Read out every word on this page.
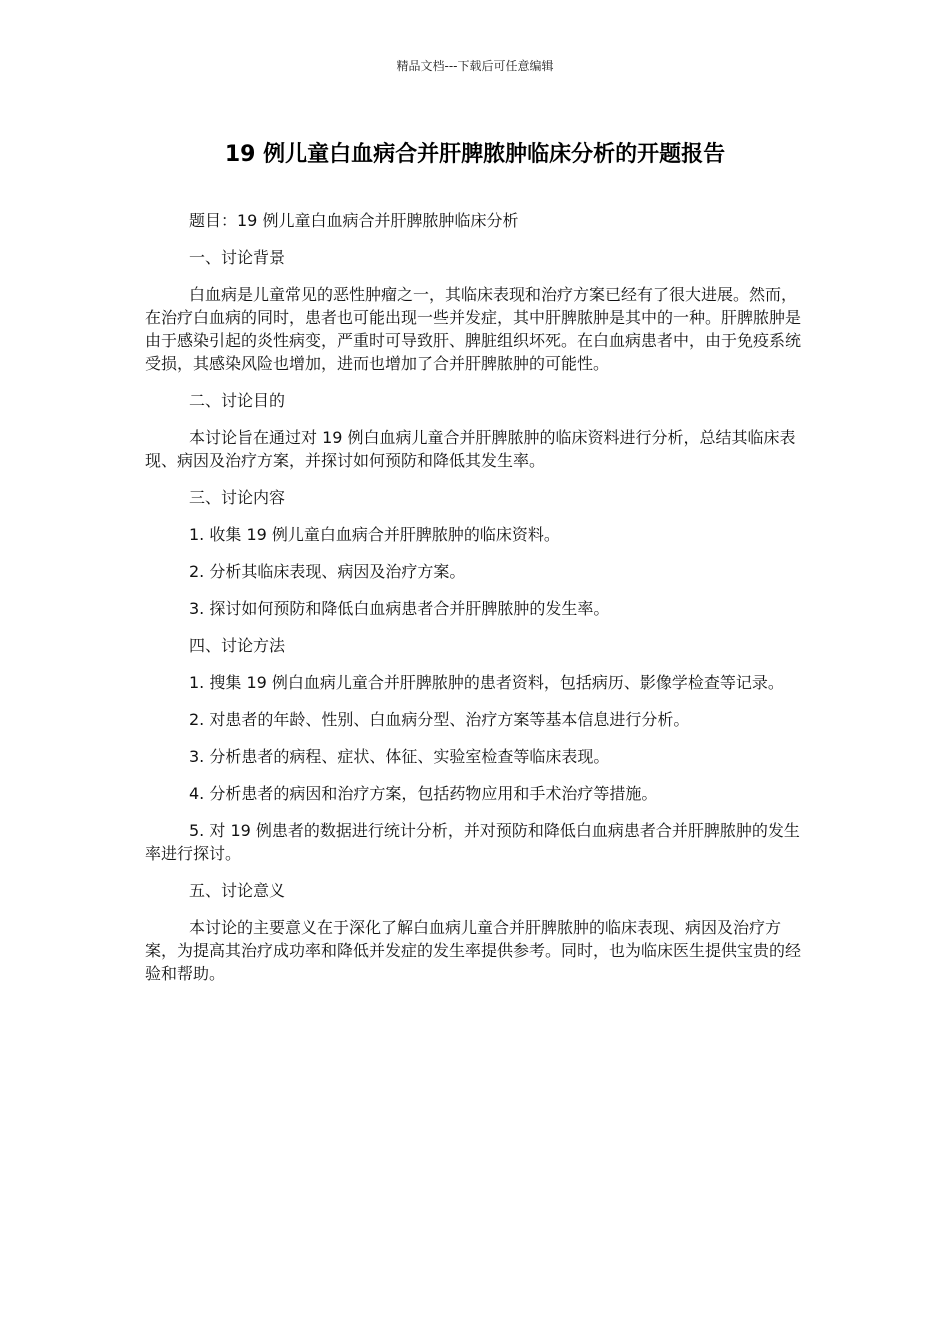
精品文档---下载后可任意编辑
19 例儿童白血病合并肝脾脓肿临床分析的开题报告

题目：19 例儿童白血病合并肝脾脓肿临床分析

一、讨论背景

白血病是儿童常见的恶性肿瘤之一，其临床表现和治疗方案已经有了很大进展。然而，在治疗白血病的同时，患者也可能出现一些并发症，其中肝脾脓肿是其中的一种。肝脾脓肿是由于感染引起的炎性病变，严重时可导致肝、脾脏组织坏死。在白血病患者中，由于免疫系统受损，其感染风险也增加，进而也增加了合并肝脾脓肿的可能性。

二、讨论目的

本讨论旨在通过对 19 例白血病儿童合并肝脾脓肿的临床资料进行分析，总结其临床表现、病因及治疗方案，并探讨如何预防和降低其发生率。

三、讨论内容

1. 收集 19 例儿童白血病合并肝脾脓肿的临床资料。

2. 分析其临床表现、病因及治疗方案。

3. 探讨如何预防和降低白血病患者合并肝脾脓肿的发生率。

四、讨论方法

1. 搜集 19 例白血病儿童合并肝脾脓肿的患者资料，包括病历、影像学检查等记录。

2. 对患者的年龄、性别、白血病分型、治疗方案等基本信息进行分析。

3. 分析患者的病程、症状、体征、实验室检查等临床表现。

4. 分析患者的病因和治疗方案，包括药物应用和手术治疗等措施。

5. 对 19 例患者的数据进行统计分析，并对预防和降低白血病患者合并肝脾脓肿的发生率进行探讨。

五、讨论意义

本讨论的主要意义在于深化了解白血病儿童合并肝脾脓肿的临床表现、病因及治疗方案，为提高其治疗成功率和降低并发症的发生率提供参考。同时，也为临床医生提供宝贵的经验和帮助。
